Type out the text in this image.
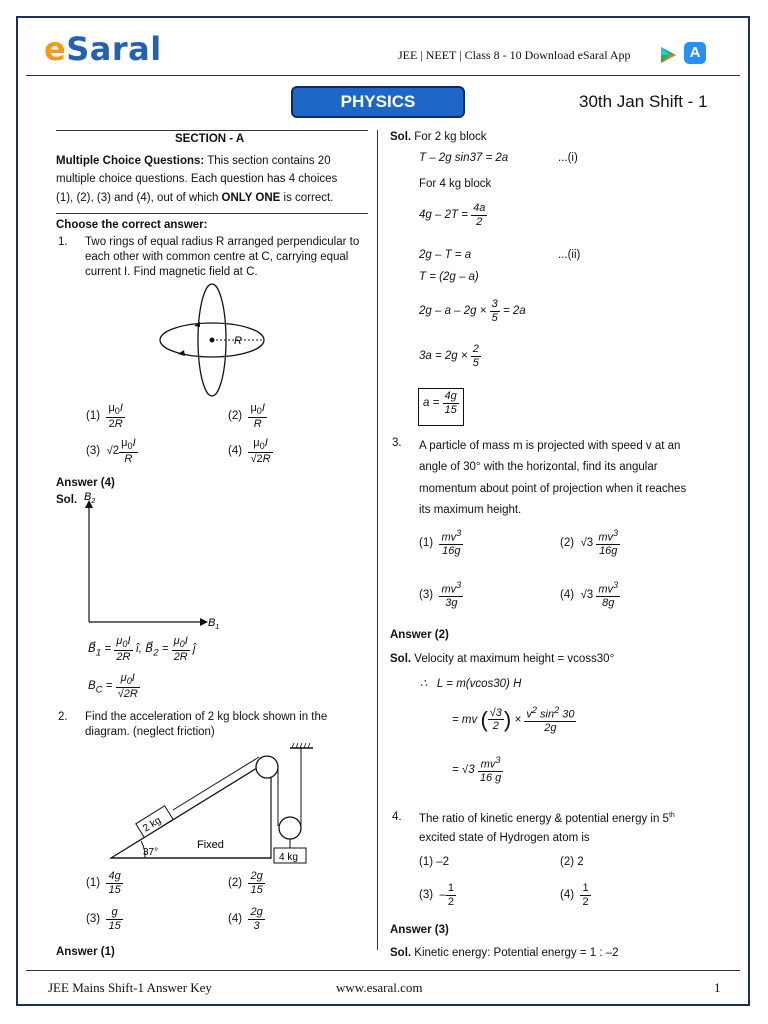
eSaral	JEE | NEET | Class 8 - 10 Download eSaral App	A
PHYSICS	30th Jan Shift - 1
SECTION - A
Multiple Choice Questions: This section contains 20
multiple choice questions. Each question has 4 choices
(1), (2), (3) and (4), out of which ONLY ONE is correct.
Choose the correct answer:
1. Two rings of equal radius R arranged perpendicular to
each other with common centre at C, carrying equal
current I. Find magnetic field at C.
R
$(1) \frac{\mu_0I}{2R}$	$(2) \frac{\mu_0I}{R}$
(3)  $√2 \frac{\mu_0I}{R}$	$(4) \frac{\mu_0I}{√2R}$
Answer (4)
Sol. $B_2$
$B_1$
$B⃗_1 = \frac{\mu_0I}{2R}$ î, $B⃗_2 = \frac{\mu_0I}{2R}$ ĵ
$B_C = \frac{\mu_0I}{√2R}$
2. Find the acceleration of 2 kg block shown in the
diagram. (neglect friction)
37°
Fixed
2 kg
4 kg
$(1) \frac{4g}{15}$	$(2) \frac{2g}{15}$
$(3) \frac{g}{15}$	$(4) \frac{2g}{3}$
Answer (1)
Sol. For 2 kg block
T – 2g sin37 = 2a	...(i)
For 4 kg block
$4g - 2T = \frac{4a}{2}$
2g – T = a	...(ii)
T = (2g – a)
$2g - a - 2g \times \frac{3}{5} = 2a$
$3a = 2g \times \frac{2}{5}$
$a = \frac{4g}{15}$
3. A particle of mass m is projected with speed v at an
angle of 30° with the horizontal, find its angular
momentum about point of projection when it reaches
its maximum height.
$(1) \frac{mv^3}{16g}$	(2)  $√3 \frac{mv^3}{16g}$
$(3) \frac{mv^3}{3g}$	(4)  $√3 \frac{mv^3}{8g}$
Answer (2)
Sol. Velocity at maximum height = vcoss30°
∴   L = m(vcos30) H
= mv ( $\frac{√3}{2}$ ) × $\frac{v^2 \sin^2 30}{2g}$
= $√3 \frac{mv^3}{16 g}$
4. The ratio of kinetic energy & potential energy in 5th
excited state of Hydrogen atom is
(1) –2	(2) 2
$(3) - \frac{1}{2}$	$(4) \frac{1}{2}$
Answer (3)
Sol. Kinetic energy: Potential energy = 1 : –2
JEE Mains Shift-1 Answer Key	www.esaral.com	1
